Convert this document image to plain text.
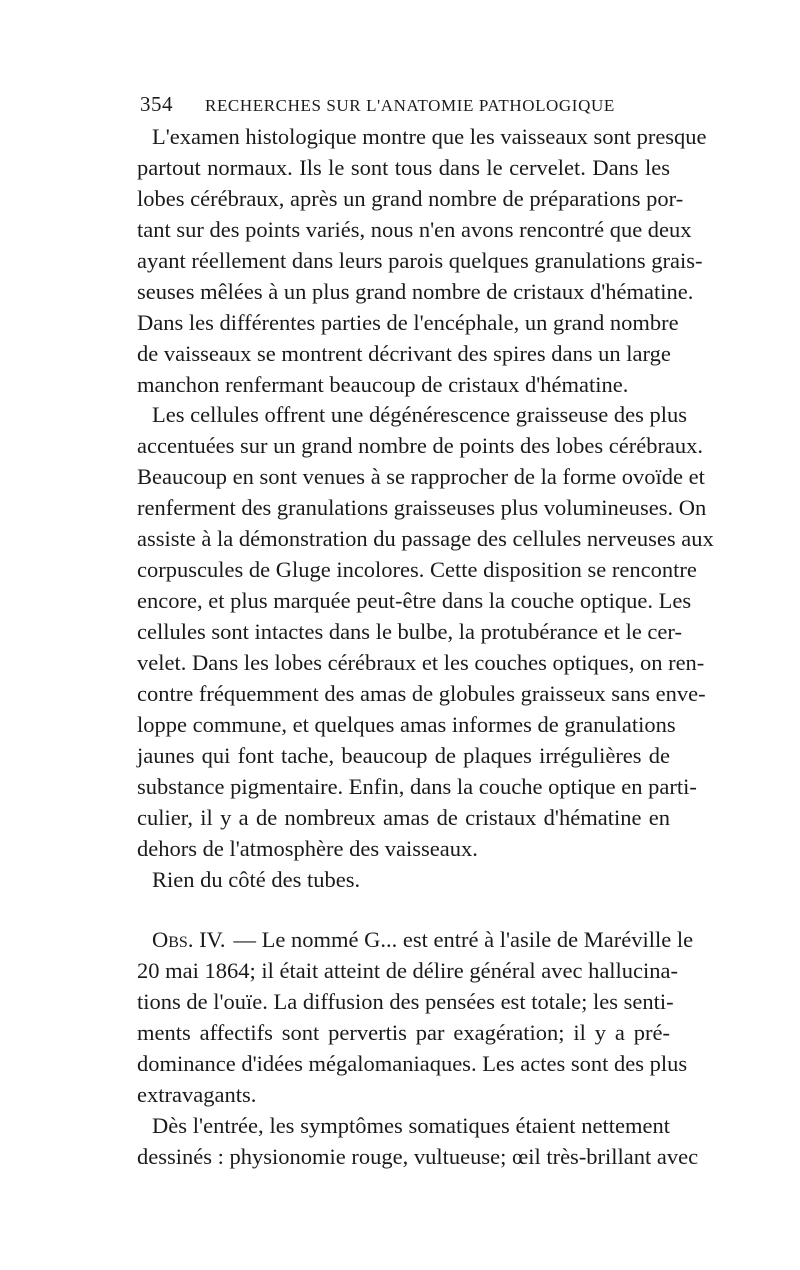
354 RECHERCHES SUR L'ANATOMIE PATHOLOGIQUE
L'examen histologique montre que les vaisseaux sont presque
partout normaux. Ils le sont tous dans le cervelet. Dans les
lobes cérébraux, après un grand nombre de préparations por-
tant sur des points variés, nous n'en avons rencontré que deux
ayant réellement dans leurs parois quelques granulations grais-
seuses mêlées à un plus grand nombre de cristaux d'hématine.
Dans les différentes parties de l'encéphale, un grand nombre
de vaisseaux se montrent décrivant des spires dans un large
manchon renfermant beaucoup de cristaux d'hématine.
Les cellules offrent une dégénérescence graisseuse des plus
accentuées sur un grand nombre de points des lobes cérébraux.
Beaucoup en sont venues à se rapprocher de la forme ovoïde et
renferment des granulations graisseuses plus volumineuses. On
assiste à la démonstration du passage des cellules nerveuses aux
corpuscules de Gluge incolores. Cette disposition se rencontre
encore, et plus marquée peut-être dans la couche optique. Les
cellules sont intactes dans le bulbe, la protubérance et le cer-
velet. Dans les lobes cérébraux et les couches optiques, on ren-
contre fréquemment des amas de globules graisseux sans enve-
loppe commune, et quelques amas informes de granulations
jaunes qui font tache, beaucoup de plaques irrégulières de
substance pigmentaire. Enfin, dans la couche optique en parti-
culier, il y a de nombreux amas de cristaux d'hématine en
dehors de l'atmosphère des vaisseaux.
Rien du côté des tubes.
Obs. IV. — Le nommé G... est entré à l'asile de Maréville le
20 mai 1864; il était atteint de délire général avec hallucina-
tions de l'ouïe. La diffusion des pensées est totale; les senti-
ments affectifs sont pervertis par exagération; il y a pré-
dominance d'idées mégalomaniaques. Les actes sont des plus
extravagants.
Dès l'entrée, les symptômes somatiques étaient nettement
dessinés : physionomie rouge, vultueuse; œil très-brillant avec
